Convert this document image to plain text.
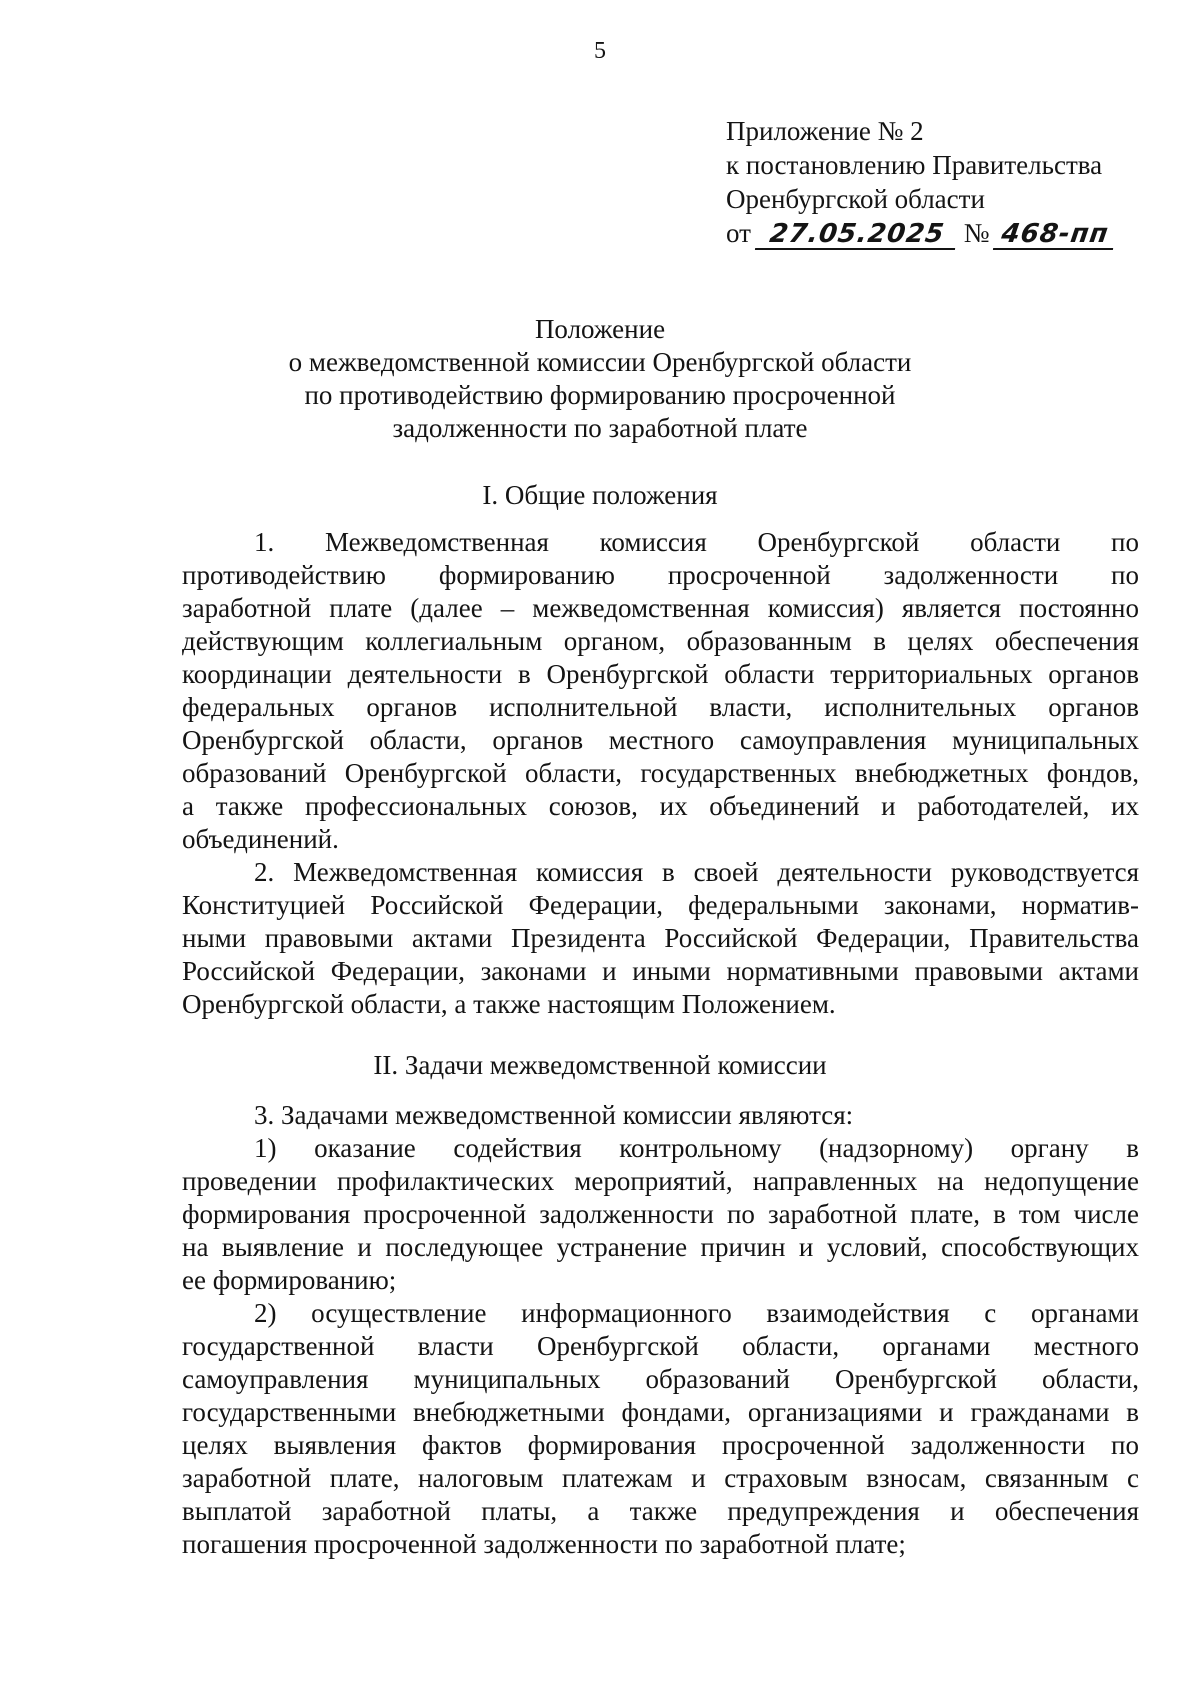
5
Приложение № 2
к постановлению Правительства
Оренбургской области
от 27.05.2025 № 468-пп
Положение
о межведомственной комиссии Оренбургской области
по противодействию формированию просроченной
задолженности по заработной плате
I. Общие положения
1. Межведомственная комиссия Оренбургской области по
противодействию формированию просроченной задолженности по
заработной плате (далее – межведомственная комиссия) является постоянно
действующим коллегиальным органом, образованным в целях обеспечения
координации деятельности в Оренбургской области территориальных органов
федеральных органов исполнительной власти, исполнительных органов
Оренбургской области, органов местного самоуправления муниципальных
образований Оренбургской области, государственных внебюджетных фондов,
а также профессиональных союзов, их объединений и работодателей, их
объединений.
2. Межведомственная комиссия в своей деятельности руководствуется
Конституцией Российской Федерации, федеральными законами, норматив-
ными правовыми актами Президента Российской Федерации, Правительства
Российской Федерации, законами и иными нормативными правовыми актами
Оренбургской области, а также настоящим Положением.
II. Задачи межведомственной комиссии
3. Задачами межведомственной комиссии являются:
1) оказание содействия контрольному (надзорному) органу в
проведении профилактических мероприятий, направленных на недопущение
формирования просроченной задолженности по заработной плате, в том числе
на выявление и последующее устранение причин и условий, способствующих
ее формированию;
2) осуществление информационного взаимодействия с органами
государственной власти Оренбургской области, органами местного
самоуправления муниципальных образований Оренбургской области,
государственными внебюджетными фондами, организациями и гражданами в
целях выявления фактов формирования просроченной задолженности по
заработной плате, налоговым платежам и страховым взносам, связанным с
выплатой заработной платы, а также предупреждения и обеспечения
погашения просроченной задолженности по заработной плате;
